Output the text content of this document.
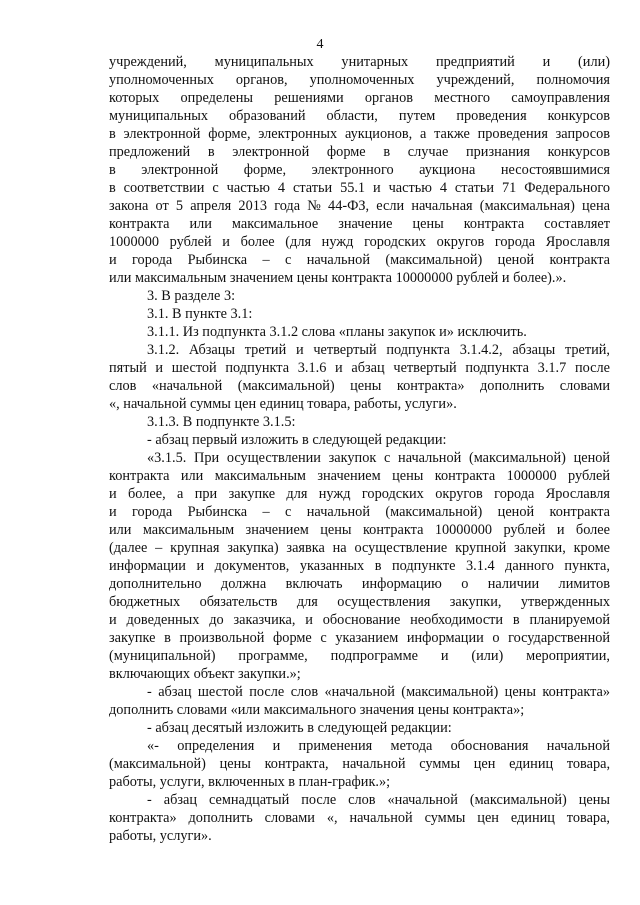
4
учреждений, муниципальных унитарных предприятий и (или)
уполномоченных органов, уполномоченных учреждений, полномочия
которых определены решениями органов местного самоуправления
муниципальных образований области, путем проведения конкурсов
в электронной форме, электронных аукционов, а также проведения запросов
предложений в электронной форме в случае признания конкурсов
в электронной форме, электронного аукциона несостоявшимися
в соответствии с частью 4 статьи 55.1 и частью 4 статьи 71 Федерального
закона от 5 апреля 2013 года № 44-ФЗ, если начальная (максимальная) цена
контракта или максимальное значение цены контракта составляет
1000000 рублей и более (для нужд городских округов города Ярославля
и города Рыбинска – с начальной (максимальной) ценой контракта
или максимальным значением цены контракта 10000000 рублей и более).».
3. В разделе 3:
3.1. В пункте 3.1:
3.1.1. Из подпункта 3.1.2 слова «планы закупок и» исключить.
3.1.2. Абзацы третий и четвертый подпункта 3.1.4.2, абзацы третий,
пятый и шестой подпункта 3.1.6 и абзац четвертый подпункта 3.1.7 после
слов «начальной (максимальной) цены контракта» дополнить словами
«, начальной суммы цен единиц товара, работы, услуги».
3.1.3. В подпункте 3.1.5:
- абзац первый изложить в следующей редакции:
«3.1.5. При осуществлении закупок с начальной (максимальной) ценой
контракта или максимальным значением цены контракта 1000000 рублей
и более, а при закупке для нужд городских округов города Ярославля
и города Рыбинска – с начальной (максимальной) ценой контракта
или максимальным значением цены контракта 10000000 рублей и более
(далее – крупная закупка) заявка на осуществление крупной закупки, кроме
информации и документов, указанных в подпункте 3.1.4 данного пункта,
дополнительно должна включать информацию о наличии лимитов
бюджетных обязательств для осуществления закупки, утвержденных
и доведенных до заказчика, и обоснование необходимости в планируемой
закупке в произвольной форме с указанием информации о государственной
(муниципальной) программе, подпрограмме и (или) мероприятии,
включающих объект закупки.»;
- абзац шестой после слов «начальной (максимальной) цены контракта»
дополнить словами «или максимального значения цены контракта»;
- абзац десятый изложить в следующей редакции:
«- определения и применения метода обоснования начальной
(максимальной) цены контракта, начальной суммы цен единиц товара,
работы, услуги, включенных в план-график.»;
- абзац семнадцатый после слов «начальной (максимальной) цены
контракта» дополнить словами «, начальной суммы цен единиц товара,
работы, услуги».
